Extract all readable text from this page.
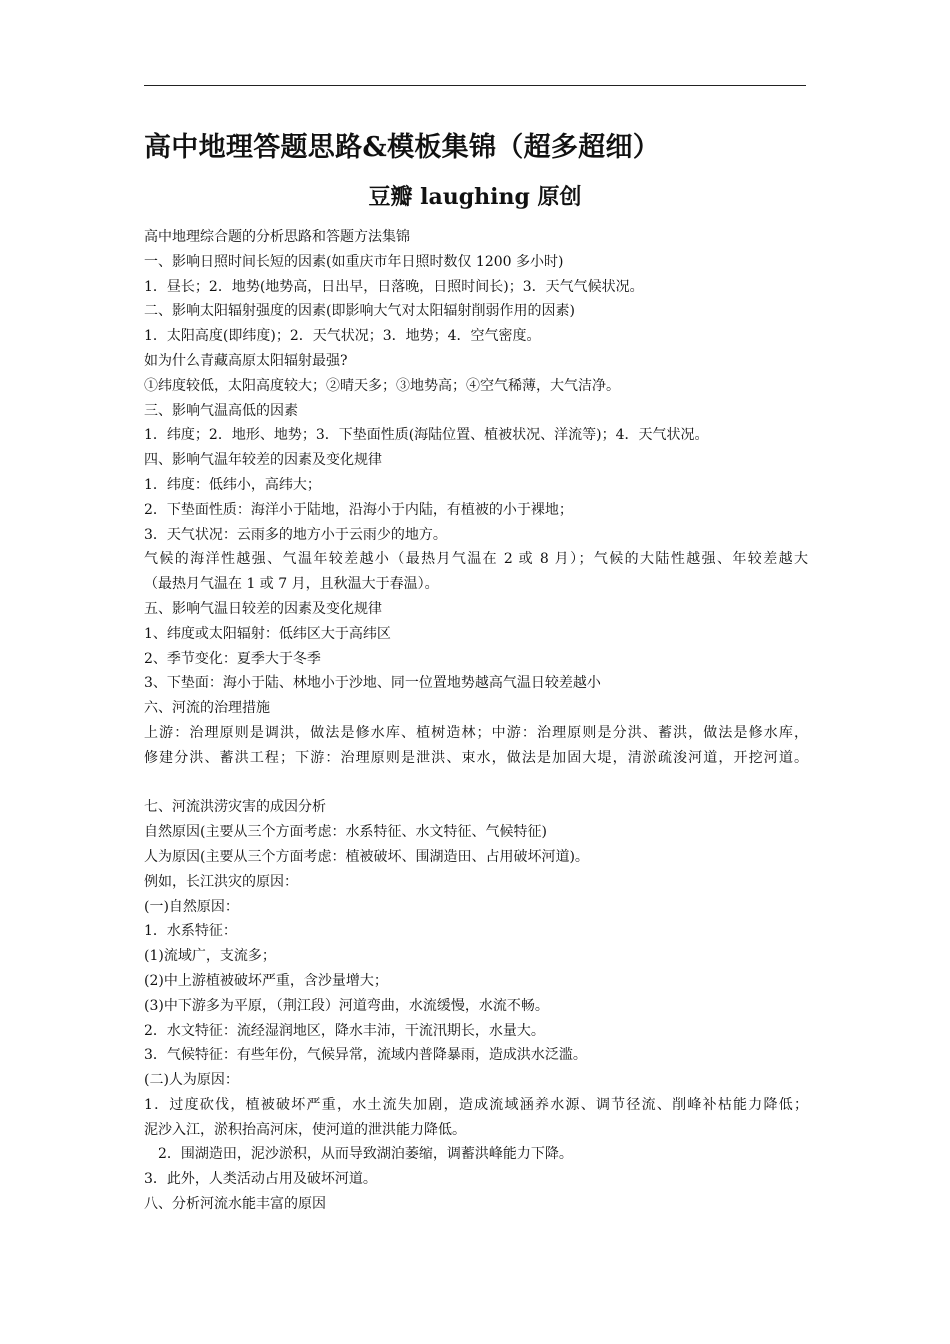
高中地理答题思路&模板集锦（超多超细）
豆瓣 laughing 原创
高中地理综合题的分析思路和答题方法集锦
一、影响日照时间长短的因素(如重庆市年日照时数仅 1200 多小时)
1．昼长；2．地势(地势高，日出早，日落晚，日照时间长)；3．天气气候状况。
二、影响太阳辐射强度的因素(即影响大气对太阳辐射削弱作用的因素)
1．太阳高度(即纬度)；2．天气状况；3．地势；4．空气密度。
如为什么青藏高原太阳辐射最强?
①纬度较低，太阳高度较大；②晴天多；③地势高；④空气稀薄，大气洁净。
三、影响气温高低的因素
1．纬度；2．地形、地势；3．下垫面性质(海陆位置、植被状况、洋流等)；4．天气状况。
四、影响气温年较差的因素及变化规律
1．纬度：低纬小，高纬大；
2．下垫面性质：海洋小于陆地，沿海小于内陆，有植被的小于裸地；
3．天气状况：云雨多的地方小于云雨少的地方。
气候的海洋性越强、气温年较差越小（最热月气温在 2 或 8 月）；气候的大陆性越强、年较差越大
（最热月气温在 1 或 7 月，且秋温大于春温）。
五、影响气温日较差的因素及变化规律
1、纬度或太阳辐射：低纬区大于高纬区
2、季节变化：夏季大于冬季
3、下垫面：海小于陆、林地小于沙地、同一位置地势越高气温日较差越小
六、河流的治理措施
上游：治理原则是调洪，做法是修水库、植树造林；中游：治理原则是分洪、蓄洪，做法是修水库，
修建分洪、蓄洪工程；下游：治理原则是泄洪、束水，做法是加固大堤，清淤疏浚河道，开挖河道。
七、河流洪涝灾害的成因分析
自然原因(主要从三个方面考虑：水系特征、水文特征、气候特征)
人为原因(主要从三个方面考虑：植被破坏、围湖造田、占用破坏河道)。
例如，长江洪灾的原因：
(一)自然原因：
1．水系特征：
(1)流域广，支流多；
(2)中上游植被破坏严重，含沙量增大；
(3)中下游多为平原，（荆江段）河道弯曲，水流缓慢，水流不畅。
2．水文特征：流经湿润地区，降水丰沛，干流汛期长，水量大。
3．气候特征：有些年份，气候异常，流域内普降暴雨，造成洪水泛滥。
(二)人为原因：
1．过度砍伐，植被破坏严重，水土流失加剧，造成流域涵养水源、调节径流、削峰补枯能力降低；
泥沙入江，淤积抬高河床，使河道的泄洪能力降低。
2．围湖造田，泥沙淤积，从而导致湖泊萎缩，调蓄洪峰能力下降。
3．此外，人类活动占用及破坏河道。
八、分析河流水能丰富的原因
